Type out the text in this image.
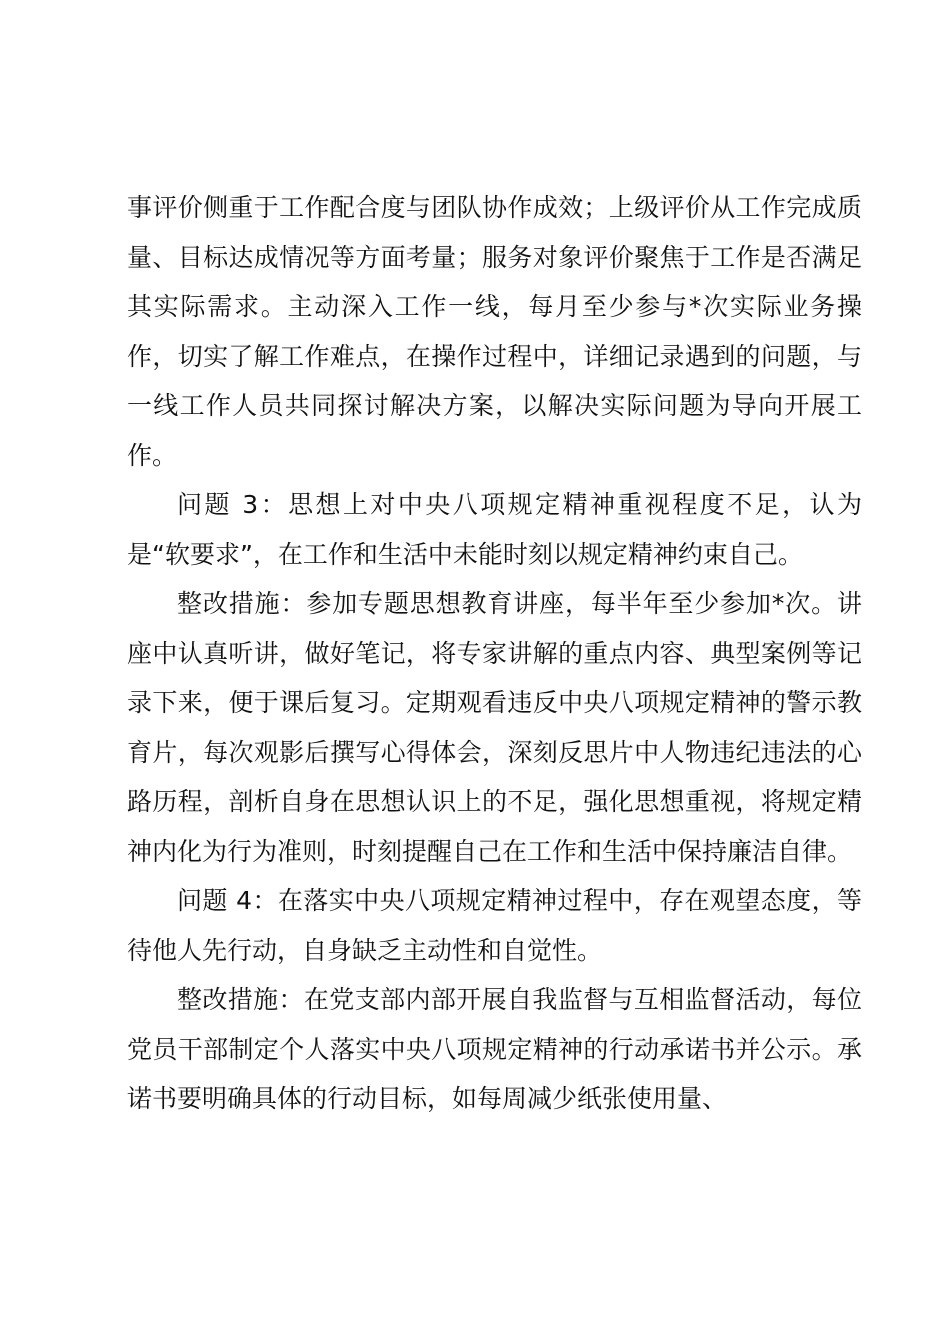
事评价侧重于工作配合度与团队协作成效；上级评价从工作完成质量、目标达成情况等方面考量；服务对象评价聚焦于工作是否满足其实际需求。主动深入工作一线，每月至少参与*次实际业务操作，切实了解工作难点，在操作过程中，详细记录遇到的问题，与一线工作人员共同探讨解决方案，以解决实际问题为导向开展工作。

问题 3：思想上对中央八项规定精神重视程度不足，认为是“软要求”，在工作和生活中未能时刻以规定精神约束自己。

整改措施：参加专题思想教育讲座，每半年至少参加*次。讲座中认真听讲，做好笔记，将专家讲解的重点内容、典型案例等记录下来，便于课后复习。定期观看违反中央八项规定精神的警示教育片，每次观影后撰写心得体会，深刻反思片中人物违纪违法的心路历程，剖析自身在思想认识上的不足，强化思想重视，将规定精神内化为行为准则，时刻提醒自己在工作和生活中保持廉洁自律。

问题 4：在落实中央八项规定精神过程中，存在观望态度，等待他人先行动，自身缺乏主动性和自觉性。

整改措施：在党支部内部开展自我监督与互相监督活动，每位党员干部制定个人落实中央八项规定精神的行动承诺书并公示。承诺书要明确具体的行动目标，如每周减少纸张使用量、
